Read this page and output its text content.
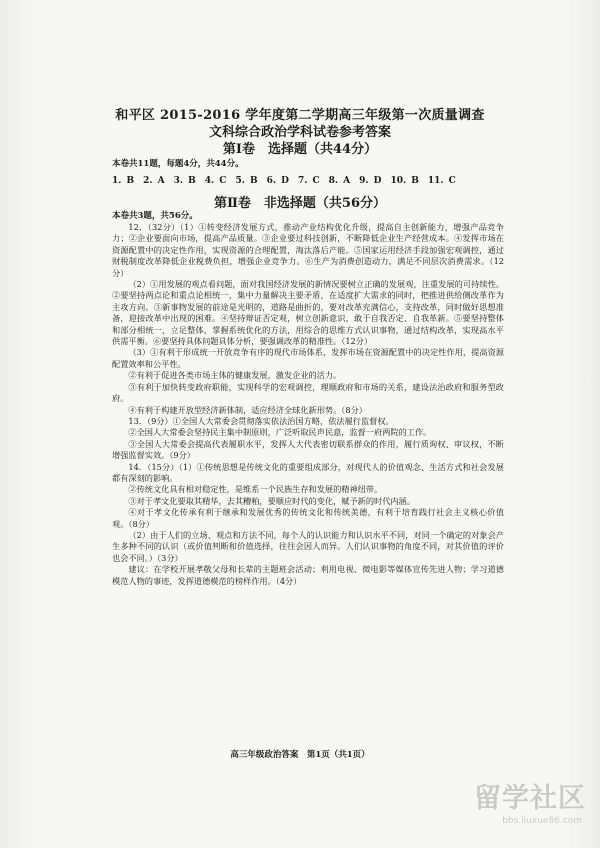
和平区 2015-2016 学年度第二学期高三年级第一次质量调查
文科综合政治学科试卷参考答案
第Ⅰ卷　选择题（共44分）
本卷共11题，每题4分，共44分。
1. B　2. A　3. B　4. C　5. B　6. D　7. C　8. A　9. D　10. B　11. C
第Ⅱ卷　非选择题（共56分）
本卷共3题，共56分。

12．（32分）（1）①转变经济发展方式，推动产业结构优化升级，提高自主创新能力，增强产品竞争力；②企业要面向市场，提高产品质量。③企业要过科技创新，不断降低企业生产经营成本。④发挥市场在资源配置中的决定性作用，实现资源的合理配置，淘汰落后产能。⑤国家运用经济手段加强宏观调控，通过财税制度改革降低企业税费负担，增强企业竞争力。⑥生产为消费创造动力，满足不同层次消费需求。（12分）

（2）①用发展的观点看问题，面对我国经济发展的新情况要树立正确的发展观，注重发展的可持续性。②要坚持两点论和重点论相统一，集中力量解决主要矛盾，在适度扩大需求的同时，把推进供给侧改革作为主攻方向。③新事物发展的前途是光明的，道路是曲折的，要对改革充满信心，支持改革，同时做好思想准备，迎接改革中出现的困难。④坚持辩证否定观，树立创新意识，敢于自我否定、自我革新。⑤要坚持整体和部分相统一，立足整体，掌握系统优化的方法，用综合的思维方式认识事物，通过结构改革，实现高水平供需平衡。⑥要坚持具体问题具体分析，要强调改革的精准性。（12分）

（3）①有利于形成统一开放竞争有序的现代市场体系，发挥市场在资源配置中的决定性作用，提高资源配置效率和公平性。

②有利于促进各类市场主体的健康发展，激发企业的活力。

③有利于加快转变政府职能，实现科学的宏观调控，理顺政府和市场的关系，建设法治政府和服务型政府。

④有利于构建开放型经济新体制，适应经济全球化新形势。（8分）

13．（9分）①全国人大常委会贯彻落实依法治国方略，依法履行监督权。

②全国人大常委会坚持民主集中制原则，广泛听取民声民意，监督一府两院的工作。

③全国人大常委会提高代表履职水平，发挥人大代表密切联系群众的作用，履行质询权、审议权，不断增强监督实效。（9分）

14．（15分）（1）①传统思想是传统文化的重要组成部分，对现代人的价值观念、生活方式和社会发展都有深刻的影响。

②传统文化具有相对稳定性，是维系一个民族生存和发展的精神纽带。

③对于孝文化要取其精华，去其糟粕，要顺应时代的变化，赋予新的时代内涵。

④对于孝文化传承有利于继承和发展优秀的传统文化和传统美德，有利于培育践行社会主义核心价值观。（8分）

（2）由于人们的立场、观点和方法不同，每个人的认识能力和认识水平不同，对同一个确定的对象会产生多种不同的认识（或价值判断和价值选择，往往会因人而异。人们认识事物的角度不同，对其价值的评价也会不同。）（3分）

建议：在学校开展孝敬父母和长辈的主题班会活动；利用电视、微电影等媒体宣传先进人物；学习道德模范人物的事迹，发挥道德模范的榜样作用。（4分）

高三年级政治答案　第1页（共1页）
留学社区
bbs.liuxue86.com
